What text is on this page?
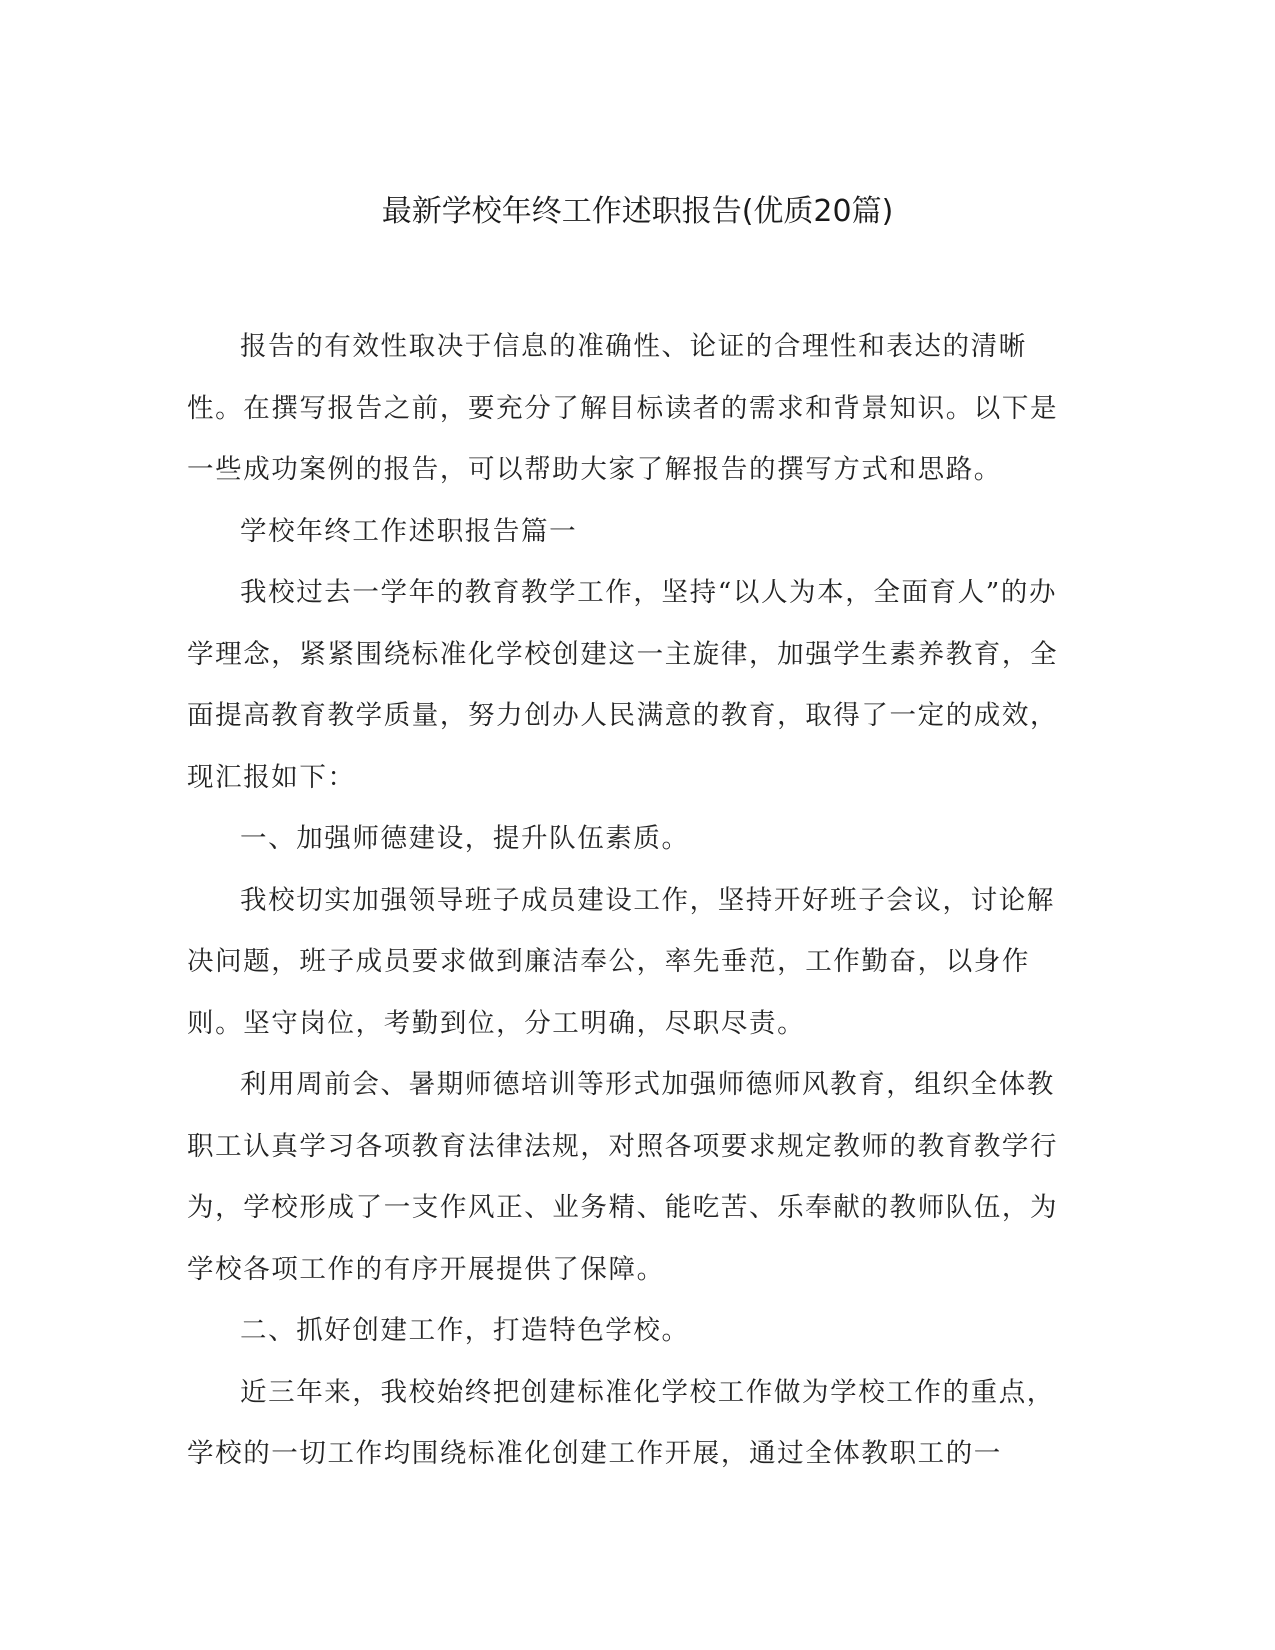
最新学校年终工作述职报告(优质20篇)

报告的有效性取决于信息的准确性、论证的合理性和表达的清晰性。在撰写报告之前，要充分了解目标读者的需求和背景知识。以下是一些成功案例的报告，可以帮助大家了解报告的撰写方式和思路。

学校年终工作述职报告篇一

我校过去一学年的教育教学工作，坚持“以人为本，全面育人”的办学理念，紧紧围绕标准化学校创建这一主旋律，加强学生素养教育，全面提高教育教学质量，努力创办人民满意的教育，取得了一定的成效，现汇报如下：

一、加强师德建设，提升队伍素质。

我校切实加强领导班子成员建设工作，坚持开好班子会议，讨论解决问题，班子成员要求做到廉洁奉公，率先垂范，工作勤奋，以身作则。坚守岗位，考勤到位，分工明确，尽职尽责。

利用周前会、暑期师德培训等形式加强师德师风教育，组织全体教职工认真学习各项教育法律法规，对照各项要求规定教师的教育教学行为，学校形成了一支作风正、业务精、能吃苦、乐奉献的教师队伍，为学校各项工作的有序开展提供了保障。

二、抓好创建工作，打造特色学校。

近三年来，我校始终把创建标准化学校工作做为学校工作的重点，学校的一切工作均围绕标准化创建工作开展，通过全体教职工的一
